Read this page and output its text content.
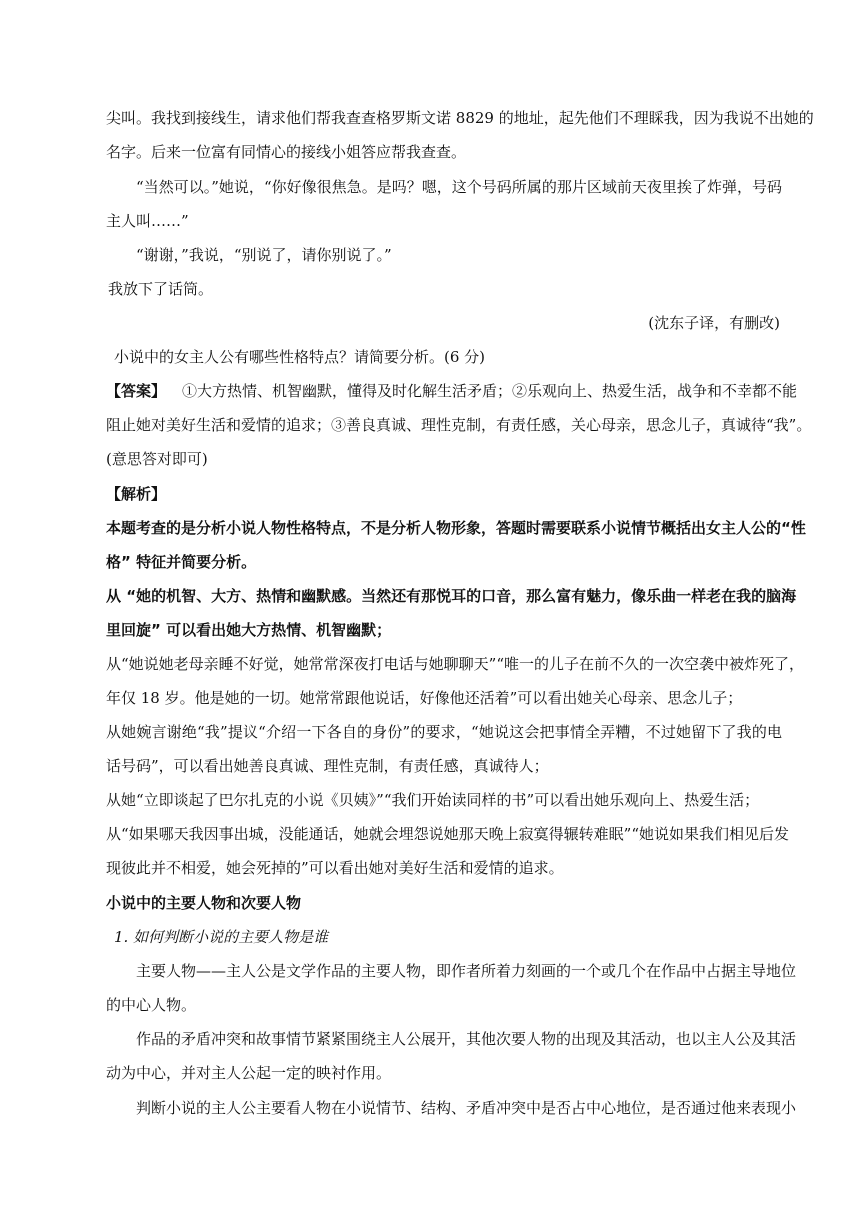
尖叫。我找到接线生，请求他们帮我查查格罗斯文诺 8829 的地址，起先他们不理睬我，因为我说不出她的
名字。后来一位富有同情心的接线小姐答应帮我查查。
“当然可以。”她说，“你好像很焦急。是吗？嗯，这个号码所属的那片区域前天夜里挨了炸弹，号码
主人叫……”
“谢谢，”我说，“别说了，请你别说了。”
我放下了话筒。
(沈东子译，有删改)
小说中的女主人公有哪些性格特点？请简要分析。(6 分)
【答案】 ①大方热情、机智幽默，懂得及时化解生活矛盾；②乐观向上、热爱生活，战争和不幸都不能
阻止她对美好生活和爱情的追求；③善良真诚、理性克制，有责任感，关心母亲，思念儿子，真诚待“我”。
(意思答对即可)
【解析】
本题考查的是分析小说人物性格特点，不是分析人物形象，答题时需要联系小说情节概括出女主人公的“性
格” 特征并简要分析。
从 “她的机智、大方、热情和幽默感。当然还有那悦耳的口音，那么富有魅力，像乐曲一样老在我的脑海
里回旋” 可以看出她大方热情、机智幽默；
从“她说她老母亲睡不好觉，她常常深夜打电话与她聊聊天”“唯一的儿子在前不久的一次空袭中被炸死了，
年仅 18 岁。他是她的一切。她常常跟他说话，好像他还活着”可以看出她关心母亲、思念儿子；
从她婉言谢绝“我”提议“介绍一下各自的身份”的要求，“她说这会把事情全弄糟，不过她留下了我的电
话号码”，可以看出她善良真诚、理性克制，有责任感，真诚待人；
从她“立即谈起了巴尔扎克的小说《贝姨》”“我们开始读同样的书”可以看出她乐观向上、热爱生活；
从“如果哪天我因事出城，没能通话，她就会埋怨说她那天晚上寂寞得辗转难眠”“她说如果我们相见后发
现彼此并不相爱，她会死掉的”可以看出她对美好生活和爱情的追求。
小说中的主要人物和次要人物
1. 如何判断小说的主要人物是谁
主要人物——主人公是文学作品的主要人物，即作者所着力刻画的一个或几个在作品中占据主导地位
的中心人物。
作品的矛盾冲突和故事情节紧紧围绕主人公展开，其他次要人物的出现及其活动，也以主人公及其活
动为中心，并对主人公起一定的映衬作用。
判断小说的主人公主要看人物在小说情节、结构、矛盾冲突中是否占中心地位，是否通过他来表现小
